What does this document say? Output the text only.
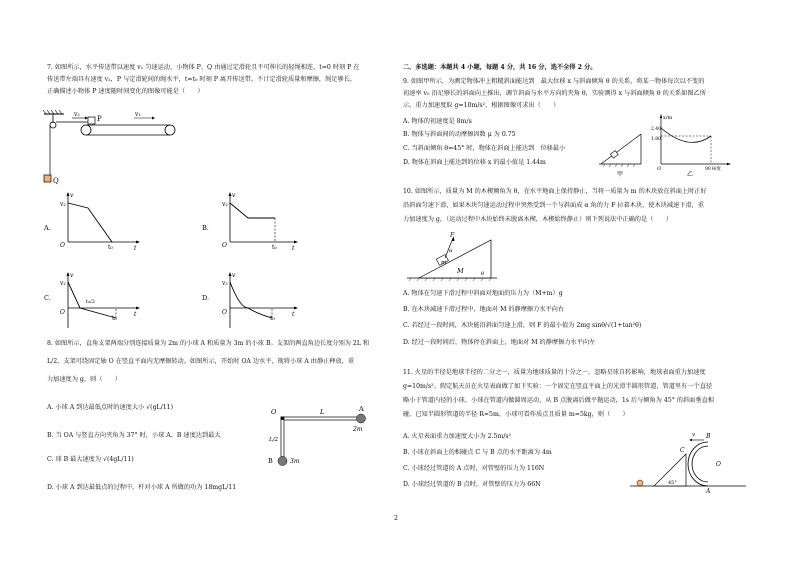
7. 如图所示，水平传送带以速度 v₁ 匀速运动，小物体 P、Q 由通过定滑轮且不可伸长的轻绳相连，t=0 时刻 P 在
传送带左端具有速度 v₂，P 与定滑轮间的绳水平，t=t₀ 时刻 P 离开传送带。不计定滑轮质量和摩擦，绳足够长，
正确描述小物体 P 速度随时间变化的图像可能是（　　）
Q
P
v₂	v₁
A.
v
t
O
v₂
t₀
B.
v
t
O
v₂
t₀
C.
v
t
O
v₂
t₀/2
t₀
D.
v
t
O
v₂
t₀
8. 如图所示，直角支架两端分别连接质量为 2m 的小球 A 和质量为 3m 的小球 B。支架的两直角边长度分别为 2L 和
L/2，支架可绕固定轴 O 在竖直平面内无摩擦转动。如图所示，开始时 OA 边水平，现将小球 A 由静止释放，重
力加速度为 g，则（　　）
A. 小球 A 到达最低点时的速度大小 √(gL/11)
B. 当 OA 与竖直方向夹角为 37° 时，小球 A、B 速度达到最大
C. 球 B 最大速度为 √(4gL/11)
D. 小球 A 到达最低点的过程中，杆对小球 A 所做的功为 18mgL/11
O	L	A
2m
L/2
B	3m
二、多选题：本题共 4 小题，每题 4 分，共 16 分，选不全得 2 分。
9. 如图甲所示，为测定物体冲上粗糙斜面能达到　最大位移 x 与斜面倾角 θ 的关系，将某一物体每次以不变的
初速率 v₀ 沿足够长的斜面向上推出，调节斜面与水平方向的夹角 θ，实验测得 x 与斜面倾角 θ 的关系如图乙所
示，重力加速度取 g=10m/s²，根据图像可求出（　　）
A. 物体的初速度是 8m/s
B. 物体与斜面间的动摩擦因数 μ 为 0.75
C. 当斜面倾角 θ=45° 时，物体在斜面上能达到　位移最小
D. 物体在斜面上能达到的位移 x 的最小值是 1.44m
甲
x/m
2.40
1.80
90 θ/度
O
乙
10. 如图所示，质量为 M 的木楔倾角为 θ，在水平地面上保持静止，当将一质量为 m 的木块放在斜面上时正好
沿斜面匀速下滑，如果木块匀速运动过程中突然受到一个与斜面成 α 角的力 F 拉着木块，使木块减速下滑，重
力加速度为 g，（运动过程中木块始终未脱离木楔，木楔始终静止）则下列说法中正确的是（　　）
M	θ
m
F
α
A. 物体在匀速下滑过程中斜面对地面的压力为（M+m）g
B. 在木块减速下滑过程中，地面对 M 的静摩擦力水平向右
C. 若经过一段时间，木块能沿斜面匀速上滑，则 F 的最小值为 2mg sinθ/√(1+tan²θ)
D. 经过一段时间后，物体停在斜面上，地面对 M 的静摩擦力水平向左
11. 火星的半径是地球半径的二分之一，质量为地球质量的十分之一，忽略星球自转影响，地球表面重力加速度
g=10m/s²。假定航天员在火星表面做了如下实验：一个固定在竖直平面上的光滑半圆形管道，管道里有一个直径
略小于管道内径的小球，小球在管道内做圆周运动，从 B 点脱离后做平抛运动，1s 后与倾角为 45° 的斜面垂直相
碰。已知半圆形管道的半径 R=5m，小球可看作质点且质量 m=5kg，则（　　）
A. 火星表面重力加速度大小为 2.5m/s²
B. 小球在斜面上的相碰点 C 与 B 点的水平距离为 4m
C. 小球经过管道的 A 点时，对管壁的压力为 116N
D. 小球经过管道的 B 点时，对管壁的压力为 66N	45°
B
O
A
C
v
2
